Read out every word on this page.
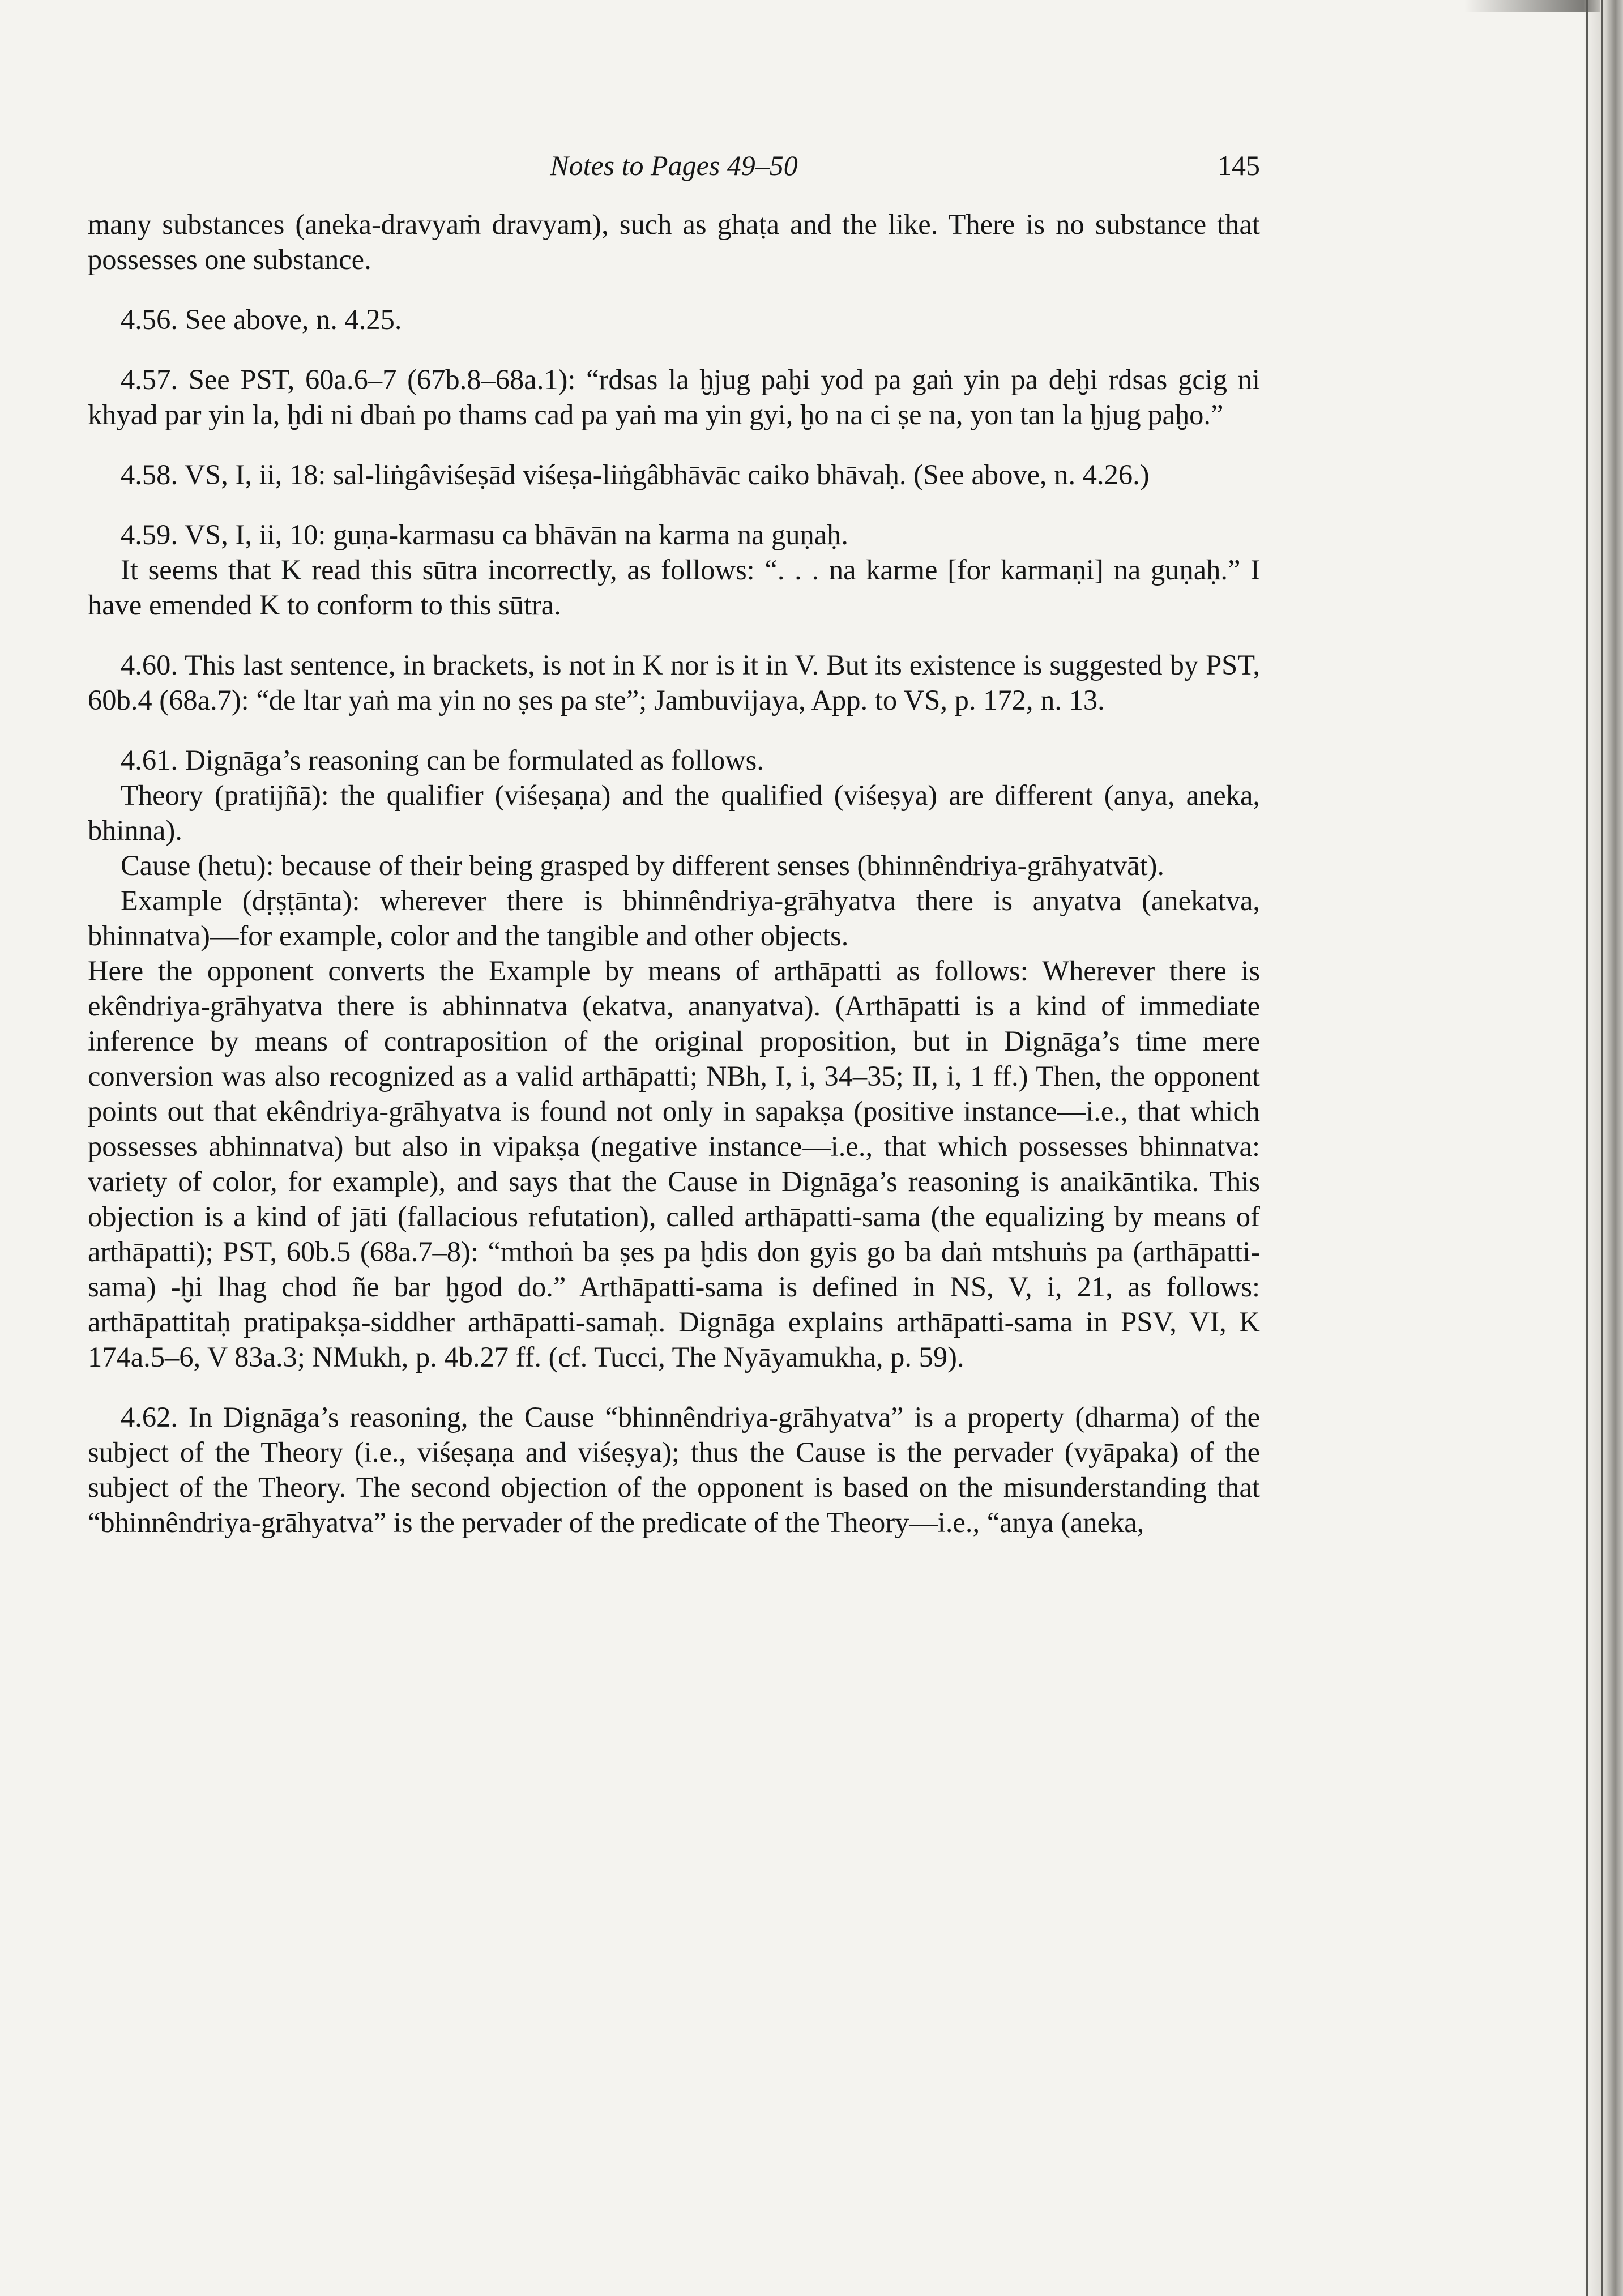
Notes to Pages 49–50	145

many substances (aneka-dravyaṁ dravyam), such as ghaṭa and the like. There is no substance that possesses one substance.

4.56. See above, n. 4.25.

4.57. See PST, 60a.6–7 (67b.8–68a.1): “rdsas la ḫjug paḫi yod pa gaṅ yin pa deḫi rdsas gcig ni khyad par yin la, ḫdi ni dbaṅ po thams cad pa yaṅ ma yin gyi, ḫo na ci ṣe na, yon tan la ḫjug paḫo.”

4.58. VS, I, ii, 18: sal-liṅgâviśeṣād viśeṣa-liṅgâbhāvāc caiko bhāvaḥ. (See above, n. 4.26.)

4.59. VS, I, ii, 10: guṇa-karmasu ca bhāvān na karma na guṇaḥ.

It seems that K read this sūtra incorrectly, as follows: “. . . na karme [for karmaṇi] na guṇaḥ.” I have emended K to conform to this sūtra.

4.60. This last sentence, in brackets, is not in K nor is it in V. But its existence is suggested by PST, 60b.4 (68a.7): “de ltar yaṅ ma yin no ṣes pa ste”; Jambuvijaya, App. to VS, p. 172, n. 13.

4.61. Dignāga’s reasoning can be formulated as follows.

Theory (pratijñā): the qualifier (viśeṣaṇa) and the qualified (viśeṣya) are different (anya, aneka, bhinna).

Cause (hetu): because of their being grasped by different senses (bhinnêndriya-grāhyatvāt).

Example (dṛṣṭānta): wherever there is bhinnêndriya-grāhyatva there is anyatva (anekatva, bhinnatva)—for example, color and the tangible and other objects.

Here the opponent converts the Example by means of arthāpatti as follows: Wherever there is ekêndriya-grāhyatva there is abhinnatva (ekatva, ananyatva). (Arthāpatti is a kind of immediate inference by means of contraposition of the original proposition, but in Dignāga’s time mere conversion was also recognized as a valid arthāpatti; NBh, I, i, 34–35; II, i, 1 ff.) Then, the opponent points out that ekêndriya-grāhyatva is found not only in sapakṣa (positive instance—i.e., that which possesses abhinnatva) but also in vipakṣa (negative instance—i.e., that which possesses bhinnatva: variety of color, for example), and says that the Cause in Dignāga’s reasoning is anaikāntika. This objection is a kind of jāti (fallacious refutation), called arthāpatti-sama (the equalizing by means of arthāpatti); PST, 60b.5 (68a.7–8): “mthoṅ ba ṣes pa ḫdis don gyis go ba daṅ mtshuṅs pa (arthāpatti-sama) -ḫi lhag chod ñe bar ḫgod do.” Arthāpatti-sama is defined in NS, V, i, 21, as follows: arthāpattitaḥ pratipakṣa-siddher arthāpatti-samaḥ. Dignāga explains arthāpatti-sama in PSV, VI, K 174a.5–6, V 83a.3; NMukh, p. 4b.27 ff. (cf. Tucci, The Nyāyamukha, p. 59).

4.62. In Dignāga’s reasoning, the Cause “bhinnêndriya-grāhyatva” is a property (dharma) of the subject of the Theory (i.e., viśeṣaṇa and viśeṣya); thus the Cause is the pervader (vyāpaka) of the subject of the Theory. The second objection of the opponent is based on the misunderstanding that “bhinnêndriya-grāhyatva” is the pervader of the predicate of the Theory—i.e., “anya (aneka,
